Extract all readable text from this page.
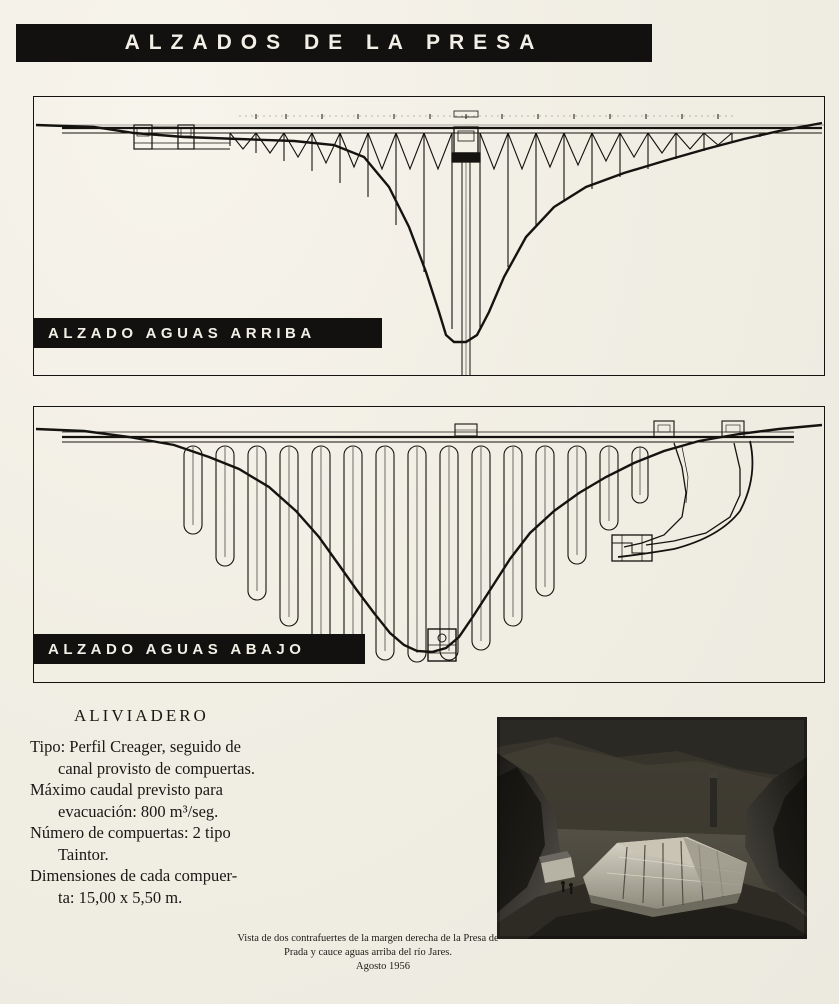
ALZADOS DE LA PRESA
ALZADO AGUAS ARRIBA
ALZADO AGUAS ABAJO
ALIVIADERO
Tipo: Perfil Creager, seguido de
canal provisto de compuertas.
Máximo caudal previsto para
evacuación: 800 m³/seg.
Número de compuertas: 2 tipo
Taintor.
Dimensiones de cada compuer-
ta: 15,00 x 5,50 m.
Vista de dos contrafuertes de la margen derecha de la Presa de Prada y cauce aguas arriba del río Jares.
Agosto 1956
